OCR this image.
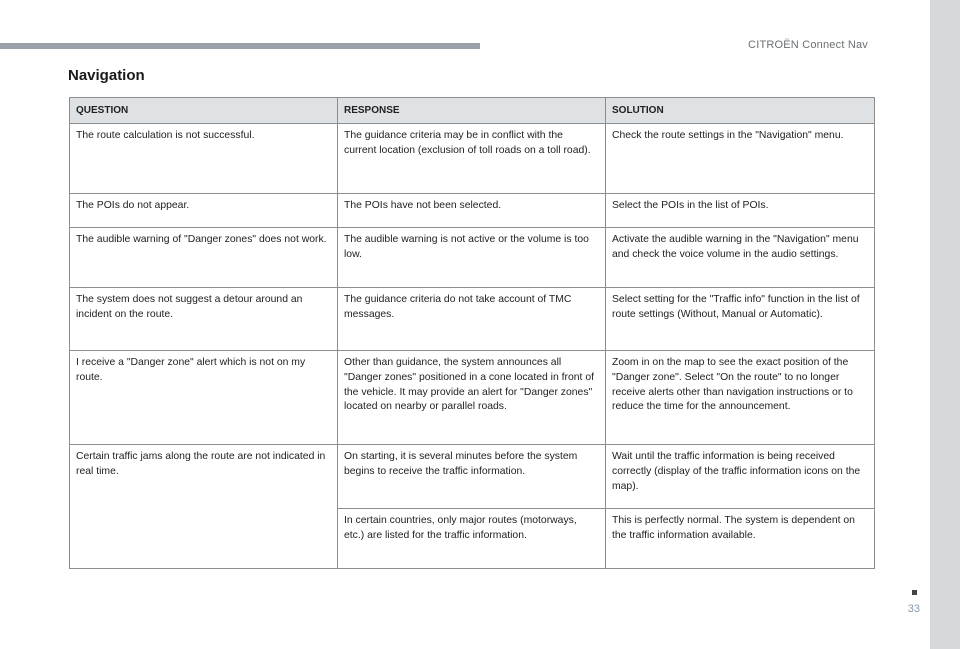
CITROËN Connect Nav
Navigation
QUESTION	RESPONSE	SOLUTION
The route calculation is not successful.	The guidance criteria may be in conflict with the current location (exclusion of toll roads on a toll road).	Check the route settings in the "Navigation" menu.
The POIs do not appear.	The POIs have not been selected.	Select the POIs in the list of POIs.
The audible warning of "Danger zones" does not work.	The audible warning is not active or the volume is too low.	Activate the audible warning in the "Navigation" menu and check the voice volume in the audio settings.
The system does not suggest a detour around an incident on the route.	The guidance criteria do not take account of TMC messages.	Select setting for the "Traffic info" function in the list of route settings (Without, Manual or Automatic).
I receive a "Danger zone" alert which is not on my route.	Other than guidance, the system announces all "Danger zones" positioned in a cone located in front of the vehicle. It may provide an alert for "Danger zones" located on nearby or parallel roads.	Zoom in on the map to see the exact position of the "Danger zone". Select "On the route" to no longer receive alerts other than navigation instructions or to reduce the time for the announcement.
Certain traffic jams along the route are not indicated in real time.	On starting, it is several minutes before the system begins to receive the traffic information.	Wait until the traffic information is being received correctly (display of the traffic information icons on the map).
	In certain countries, only major routes (motorways, etc.) are listed for the traffic information.	This is perfectly normal. The system is dependent on the traffic information available.
33
